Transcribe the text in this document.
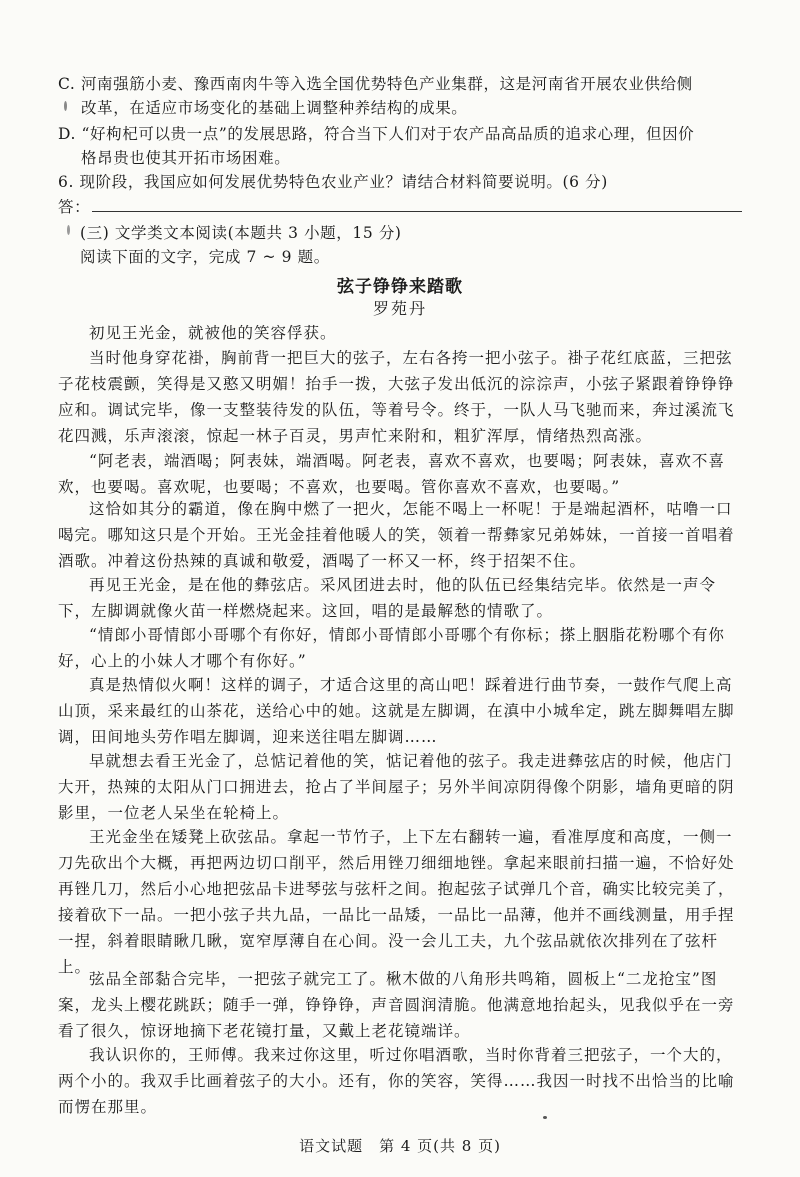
C. 河南强筋小麦、豫西南肉牛等入选全国优势特色产业集群，这是河南省开展农业供给侧
改革，在适应市场变化的基础上调整种养结构的成果。
D. “好枸杞可以贵一点”的发展思路，符合当下人们对于农产品高品质的追求心理，但因价
格昂贵也使其开拓市场困难。
6. 现阶段，我国应如何发展优势特色农业产业？请结合材料简要说明。(6 分)
答：
(三) 文学类文本阅读(本题共 3 小题，15 分)
阅读下面的文字，完成 7 ~ 9 题。
弦子铮铮来踏歌
罗苑丹
初见王光金，就被他的笑容俘获。
当时他身穿花褂，胸前背一把巨大的弦子，左右各挎一把小弦子。褂子花红底蓝，三把弦子花枝震颤，笑得是又憨又明媚！抬手一拨，大弦子发出低沉的淙淙声，小弦子紧跟着铮铮铮应和。调试完毕，像一支整装待发的队伍，等着号令。终于，一队人马飞驰而来，奔过溪流飞花四溅，乐声滚滚，惊起一林子百灵，男声忙来附和，粗犷浑厚，情绪热烈高涨。
“阿老表，端酒喝；阿表妹，端酒喝。阿老表，喜欢不喜欢，也要喝；阿表妹，喜欢不喜欢，也要喝。喜欢呢，也要喝；不喜欢，也要喝。管你喜欢不喜欢，也要喝。”
这恰如其分的霸道，像在胸中燃了一把火，怎能不喝上一杯呢！于是端起酒杯，咕噜一口喝完。哪知这只是个开始。王光金挂着他暖人的笑，领着一帮彝家兄弟姊妹，一首接一首唱着酒歌。冲着这份热辣的真诚和敬爱，酒喝了一杯又一杯，终于招架不住。
再见王光金，是在他的彝弦店。采风团进去时，他的队伍已经集结完毕。依然是一声令下，左脚调就像火苗一样燃烧起来。这回，唱的是最解愁的情歌了。
“情郎小哥情郎小哥哪个有你好，情郎小哥情郎小哥哪个有你标；搽上胭脂花粉哪个有你好，心上的小妹人才哪个有你好。”
真是热情似火啊！这样的调子，才适合这里的高山吧！踩着进行曲节奏，一鼓作气爬上高山顶，采来最红的山茶花，送给心中的她。这就是左脚调，在滇中小城牟定，跳左脚舞唱左脚调，田间地头劳作唱左脚调，迎来送往唱左脚调……
早就想去看王光金了，总惦记着他的笑，惦记着他的弦子。我走进彝弦店的时候，他店门大开，热辣的太阳从门口拥进去，抢占了半间屋子；另外半间凉阴得像个阴影，墙角更暗的阴影里，一位老人呆坐在轮椅上。
王光金坐在矮凳上砍弦品。拿起一节竹子，上下左右翻转一遍，看准厚度和高度，一侧一刀先砍出个大概，再把两边切口削平，然后用锉刀细细地锉。拿起来眼前扫描一遍，不恰好处再锉几刀，然后小心地把弦品卡进琴弦与弦杆之间。抱起弦子试弹几个音，确实比较完美了，接着砍下一品。一把小弦子共九品，一品比一品矮，一品比一品薄，他并不画线测量，用手捏一捏，斜着眼睛瞅几瞅，宽窄厚薄自在心间。没一会儿工夫，九个弦品就依次排列在了弦杆上。
弦品全部黏合完毕，一把弦子就完工了。楸木做的八角形共鸣箱，圆板上“二龙抢宝”图案，龙头上樱花跳跃；随手一弹，铮铮铮，声音圆润清脆。他满意地抬起头，见我似乎在一旁看了很久，惊讶地摘下老花镜打量，又戴上老花镜端详。
我认识你的，王师傅。我来过你这里，听过你唱酒歌，当时你背着三把弦子，一个大的，两个小的。我双手比画着弦子的大小。还有，你的笑容，笑得……我因一时找不出恰当的比喻而愣在那里。
语文试题　第 4 页(共 8 页)
